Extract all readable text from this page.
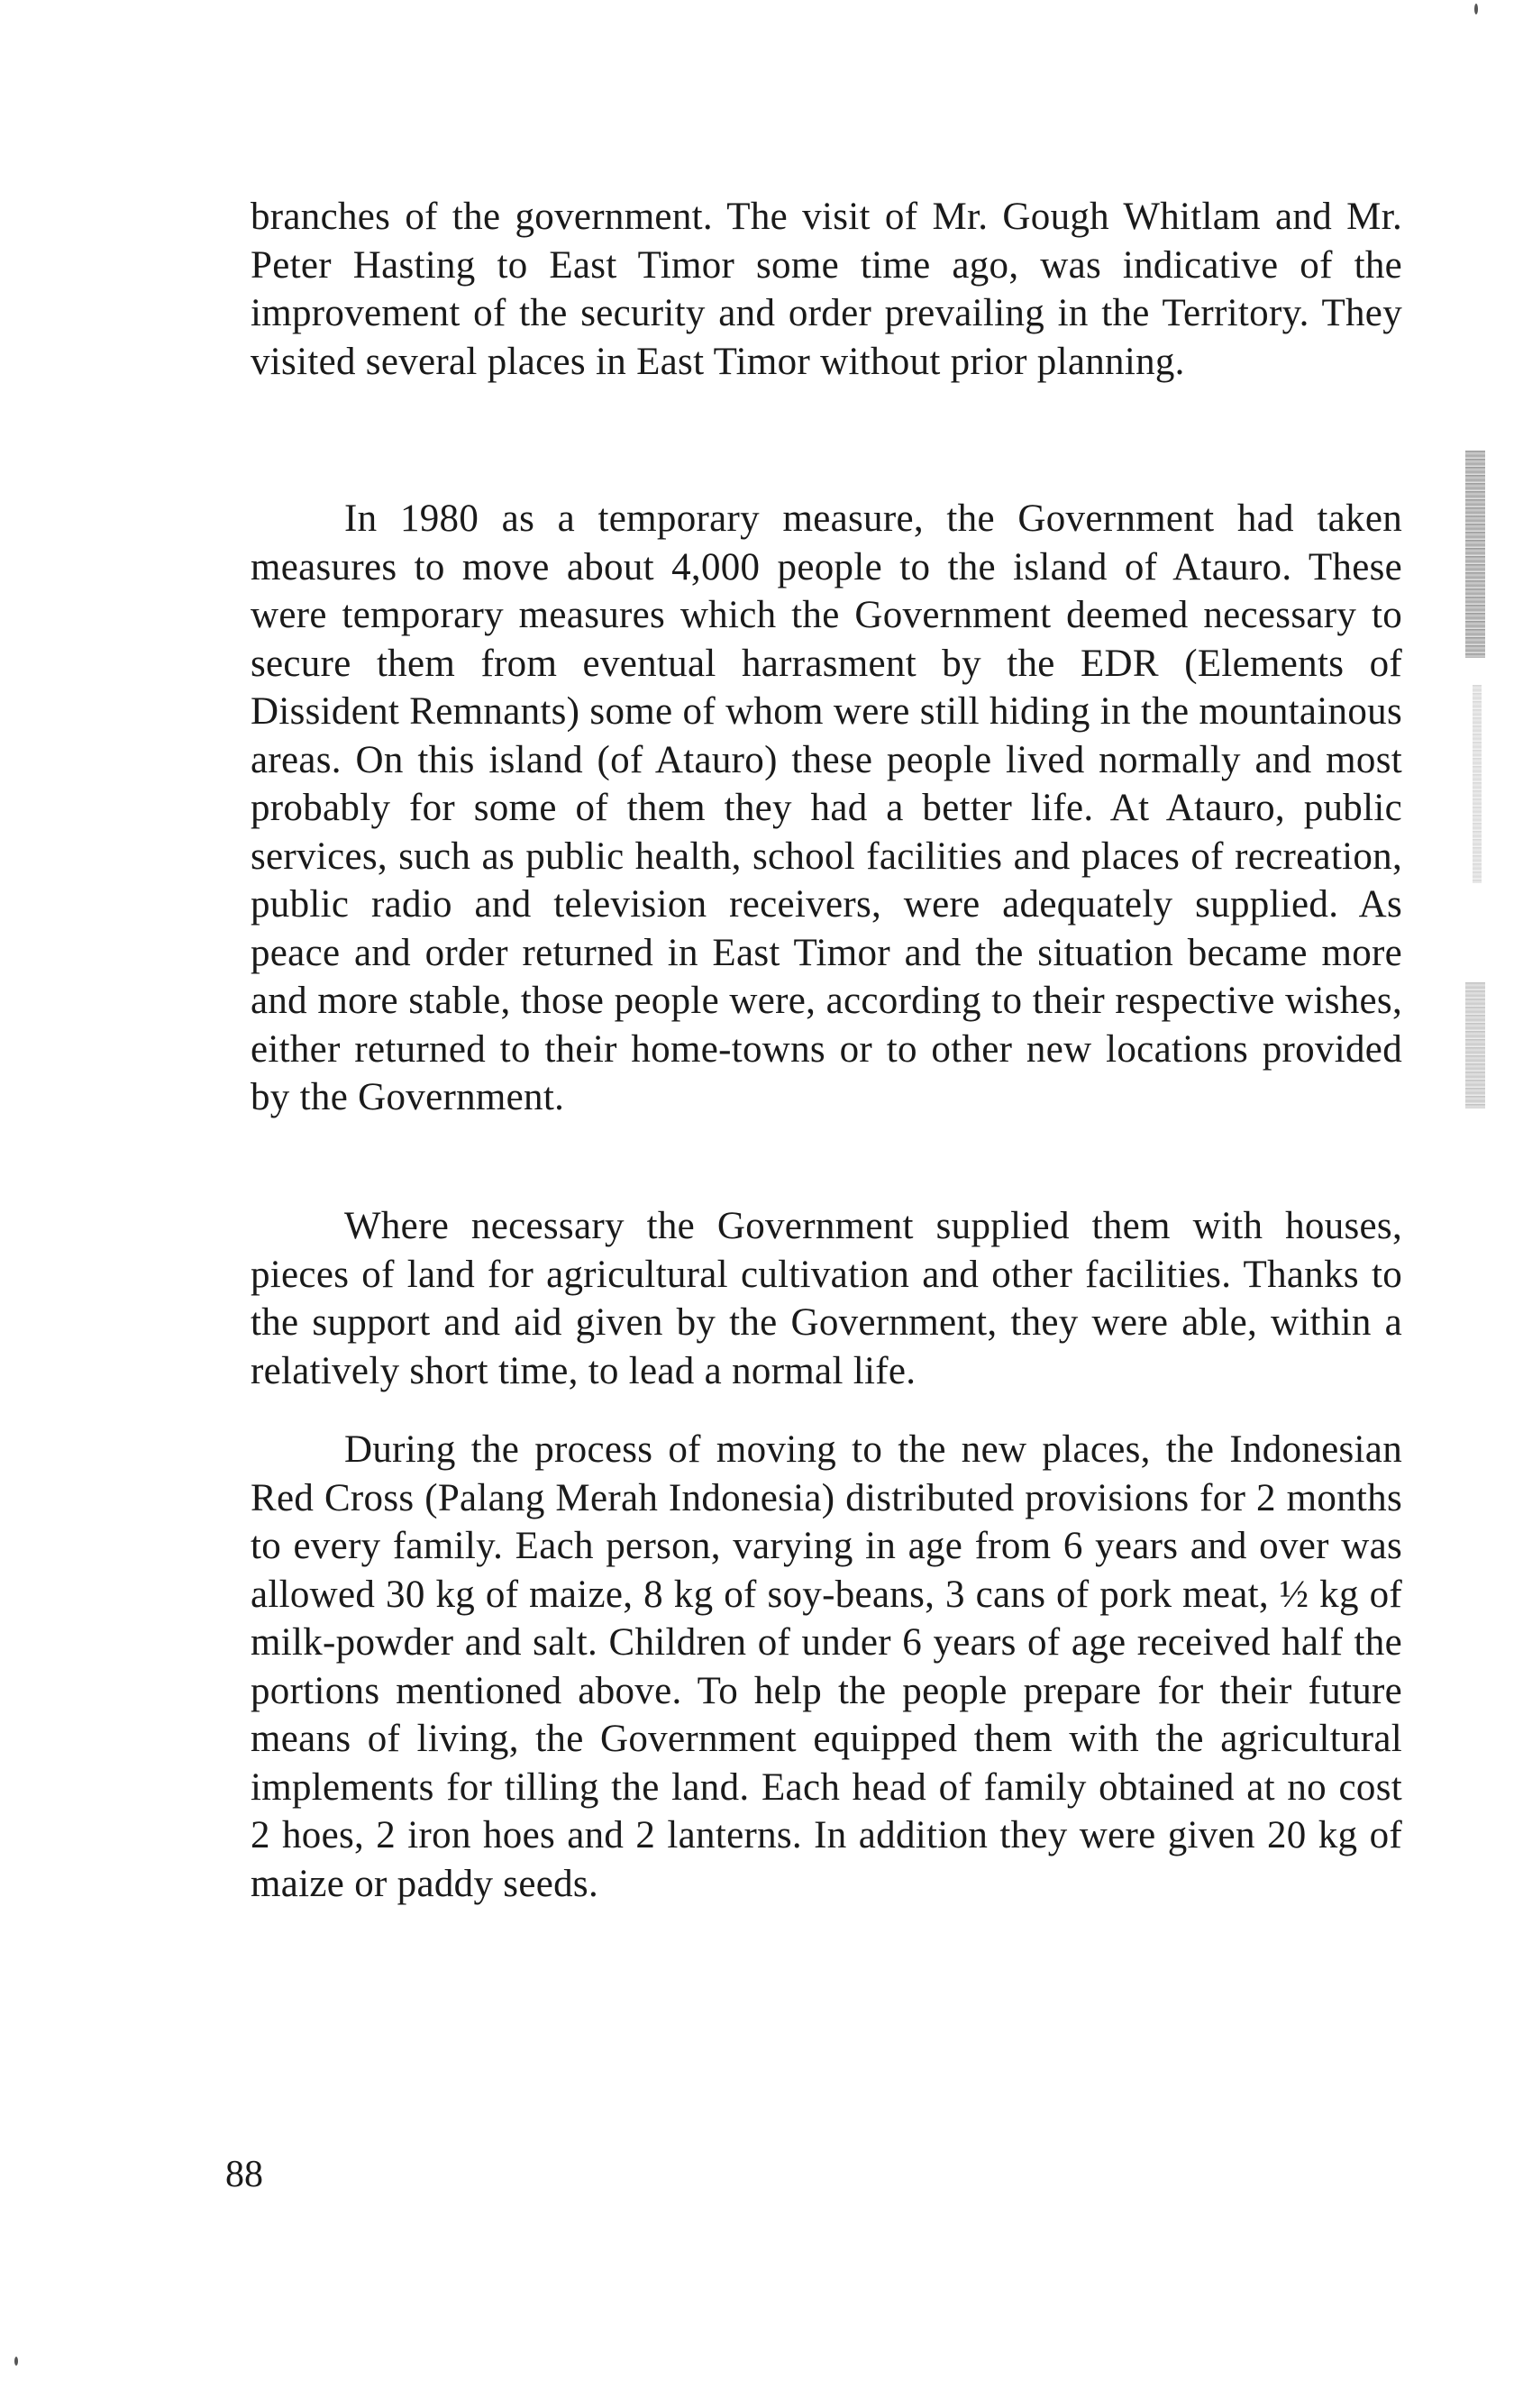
branches of the government. The visit of Mr. Gough Whitlam and Mr. Peter Hasting to East Timor some time ago, was indicative of the improvement of the security and order prevailing in the Territory. They visited several places in East Timor without prior planning.

In 1980 as a temporary measure, the Government had taken measures to move about 4,000 people to the island of Atauro. These were temporary measures which the Government deemed necessary to secure them from eventual harrasment by the EDR (Elements of Dissident Remnants) some of whom were still hiding in the mountainous areas. On this island (of Atauro) these people lived normally and most probably for some of them they had a better life. At Atauro, public services, such as public health, school facilities and places of recreation, public radio and television receivers, were adequately supplied. As peace and order returned in East Timor and the situation became more and more stable, those people were, according to their respective wishes, either returned to their home-towns or to other new locations provided by the Government.

Where necessary the Government supplied them with houses, pieces of land for agricultural cultivation and other facilities. Thanks to the support and aid given by the Government, they were able, within a relatively short time, to lead a normal life.

During the process of moving to the new places, the Indonesian Red Cross (Palang Merah Indonesia) distributed provisions for 2 months to every family. Each person, varying in age from 6 years and over was allowed 30 kg of maize, 8 kg of soy-beans, 3 cans of pork meat, ½ kg of milk-powder and salt. Children of under 6 years of age received half the portions mentioned above. To help the people prepare for their future means of living, the Government equipped them with the agricultural implements for tilling the land. Each head of family obtained at no cost 2 hoes, 2 iron hoes and 2 lanterns. In addition they were given 20 kg of maize or paddy seeds.

88
